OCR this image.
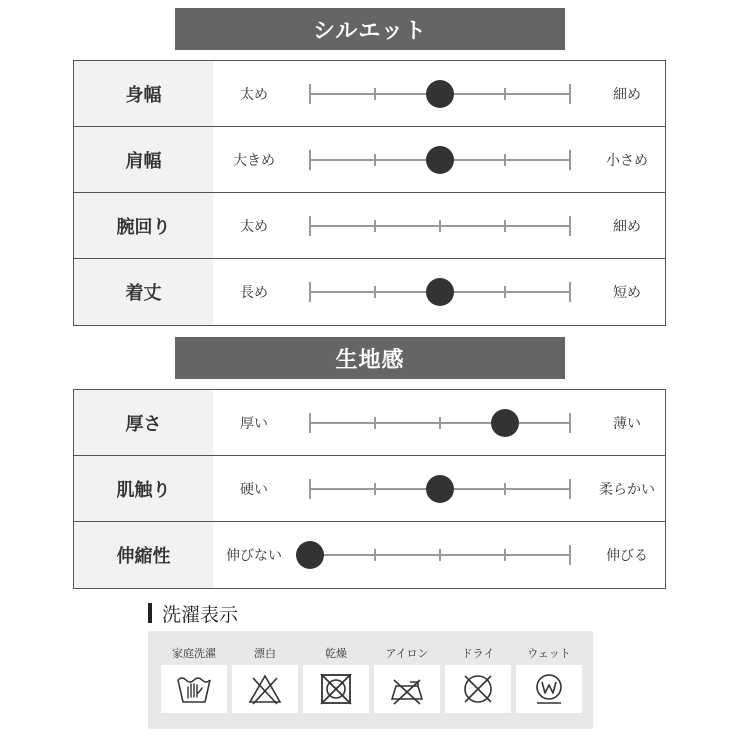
シルエット
身幅	太め	細め
肩幅	大きめ	小さめ
腕回り	太め	細め
着丈	長め	短め
生地感
厚さ	厚い	薄い
肌触り	硬い	柔らかい
伸縮性	伸びない	伸びる
洗濯表示
家庭洗濯	漂白	乾燥	アイロン	ドライ	ウェット
